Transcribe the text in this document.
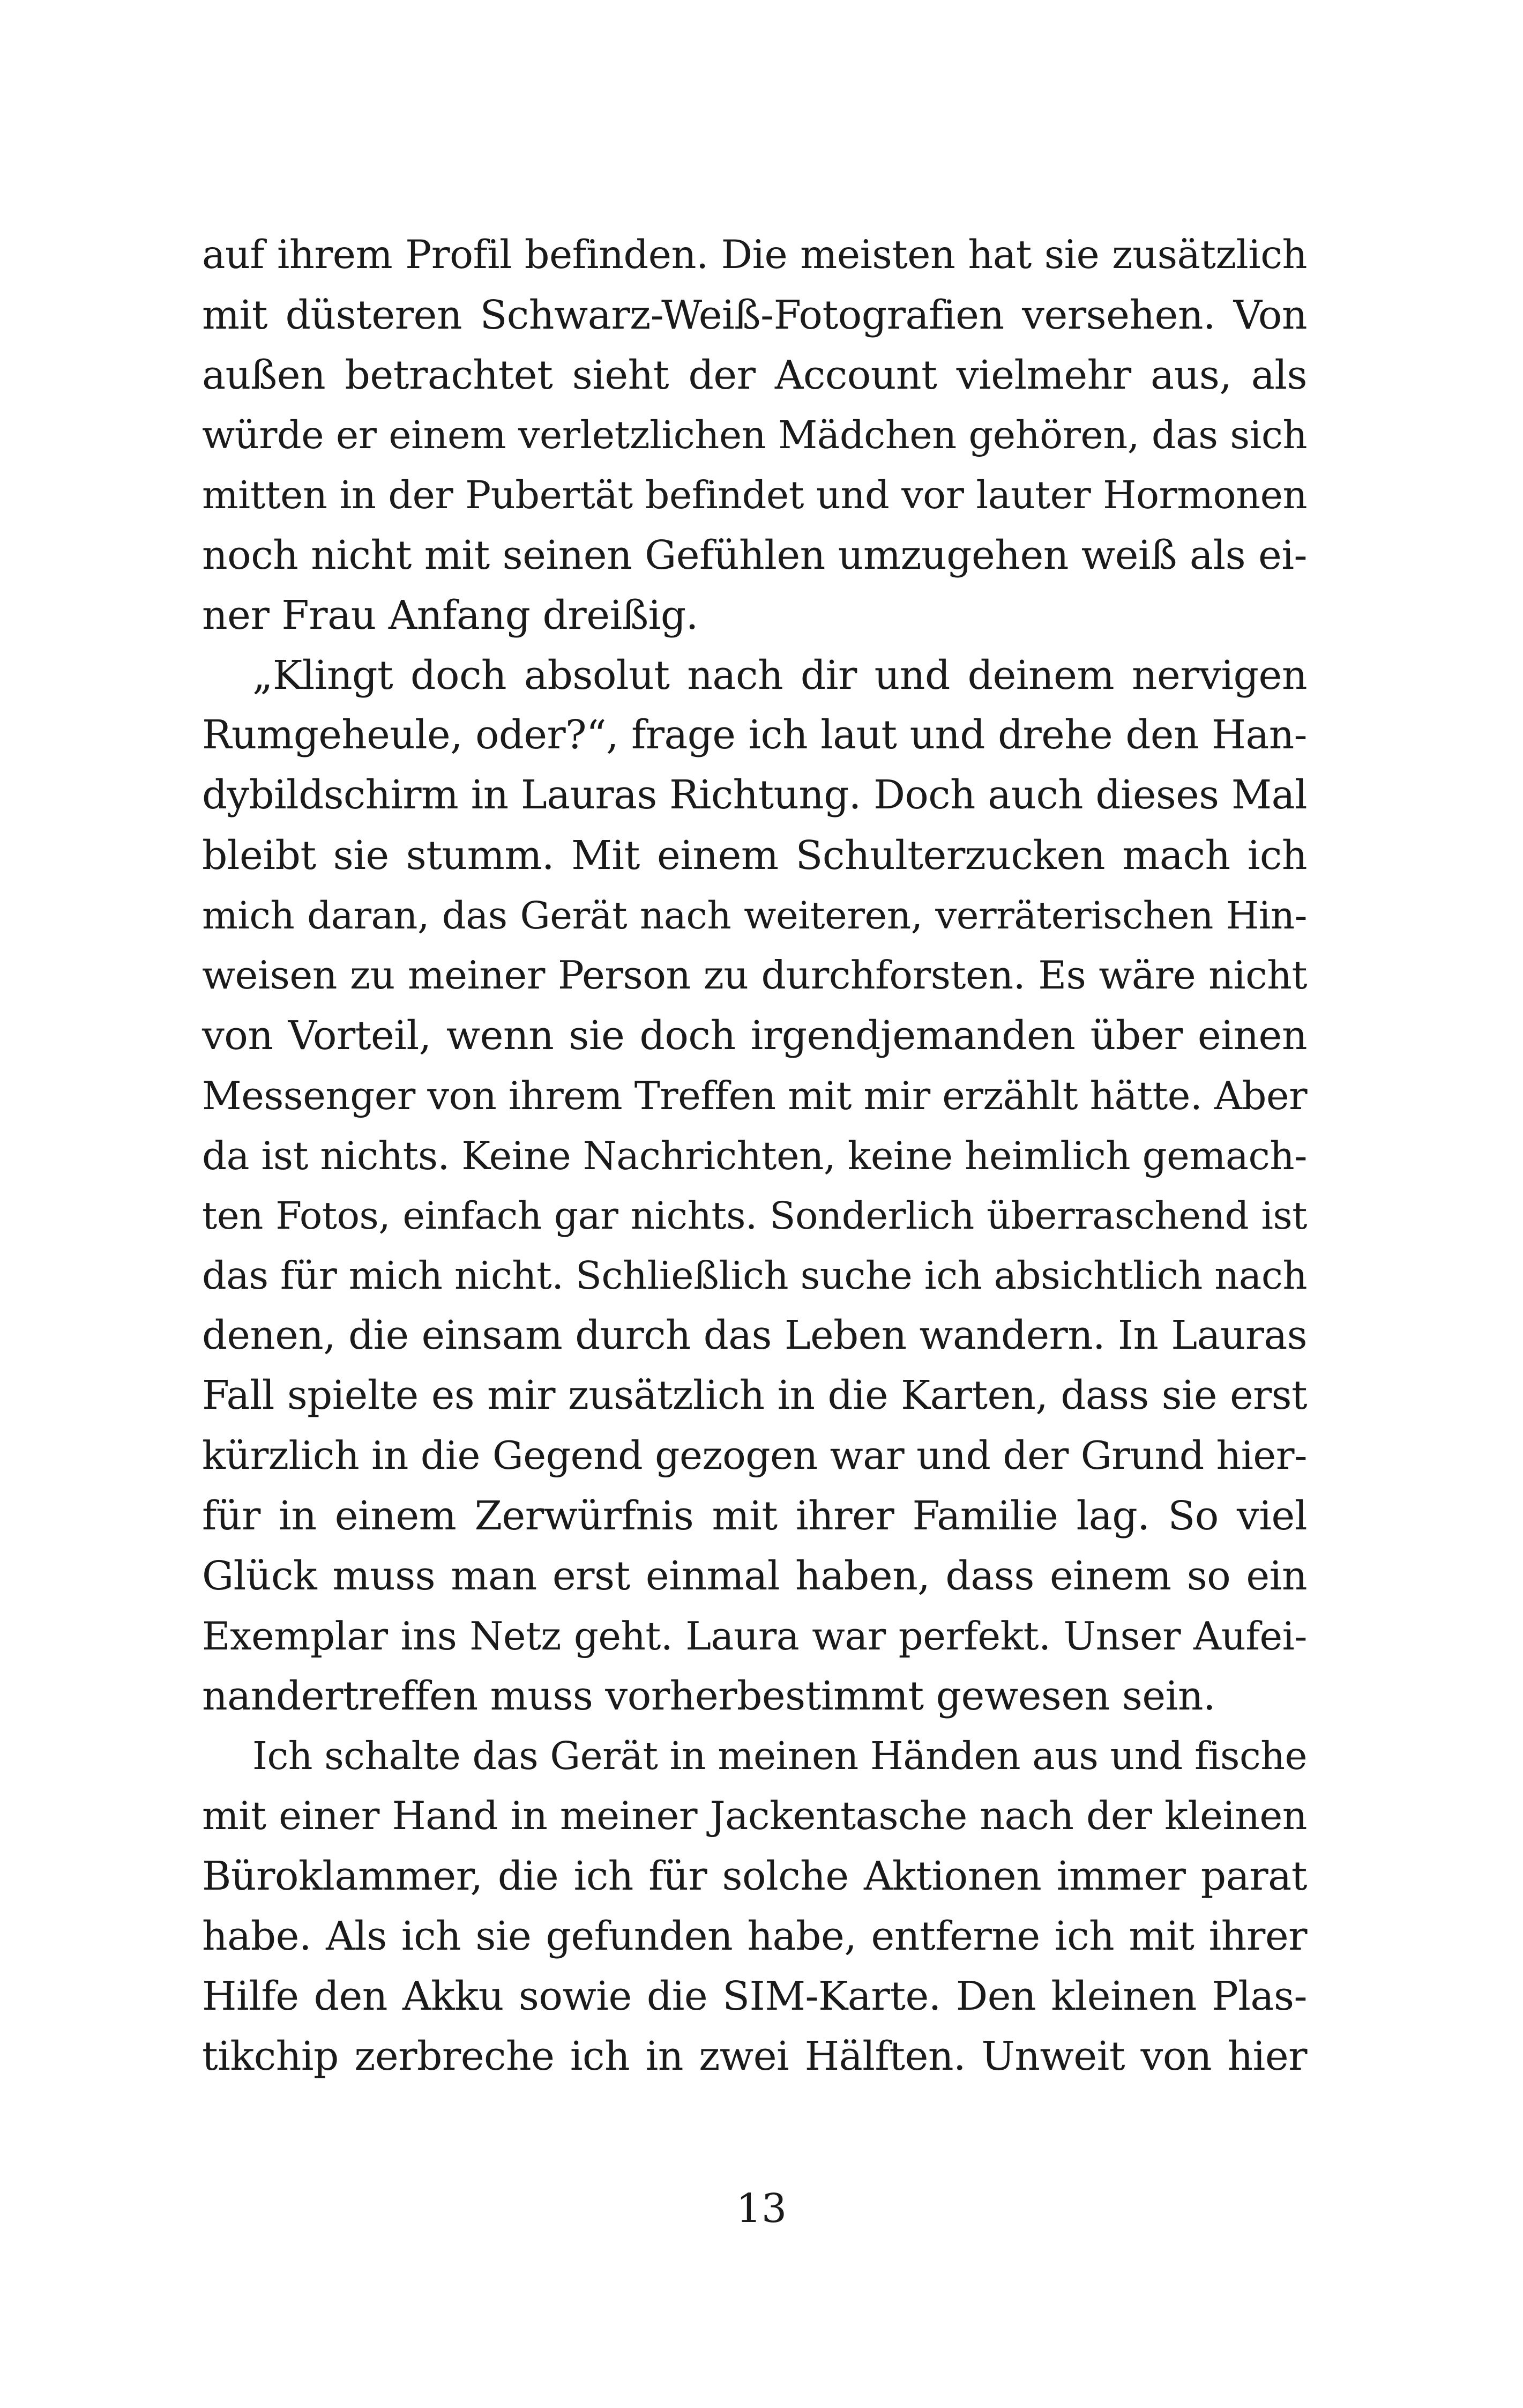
auf ihrem Profil befinden. Die meisten hat sie zusätzlich
mit düsteren Schwarz-Weiß-Fotografien versehen. Von
außen betrachtet sieht der Account vielmehr aus, als
würde er einem verletzlichen Mädchen gehören, das sich
mitten in der Pubertät befindet und vor lauter Hormonen
noch nicht mit seinen Gefühlen umzugehen weiß als ei-
ner Frau Anfang dreißig.
„Klingt doch absolut nach dir und deinem nervigen
Rumgeheule, oder?“, frage ich laut und drehe den Han-
dybildschirm in Lauras Richtung. Doch auch dieses Mal
bleibt sie stumm. Mit einem Schulterzucken mach ich
mich daran, das Gerät nach weiteren, verräterischen Hin-
weisen zu meiner Person zu durchforsten. Es wäre nicht
von Vorteil, wenn sie doch irgendjemanden über einen
Messenger von ihrem Treffen mit mir erzählt hätte. Aber
da ist nichts. Keine Nachrichten, keine heimlich gemach-
ten Fotos, einfach gar nichts. Sonderlich überraschend ist
das für mich nicht. Schließlich suche ich absichtlich nach
denen, die einsam durch das Leben wandern. In Lauras
Fall spielte es mir zusätzlich in die Karten, dass sie erst
kürzlich in die Gegend gezogen war und der Grund hier-
für in einem Zerwürfnis mit ihrer Familie lag. So viel
Glück muss man erst einmal haben, dass einem so ein
Exemplar ins Netz geht. Laura war perfekt. Unser Aufei-
nandertreffen muss vorherbestimmt gewesen sein.
Ich schalte das Gerät in meinen Händen aus und fische
mit einer Hand in meiner Jackentasche nach der kleinen
Büroklammer, die ich für solche Aktionen immer parat
habe. Als ich sie gefunden habe, entferne ich mit ihrer
Hilfe den Akku sowie die SIM-Karte. Den kleinen Plas-
tikchip zerbreche ich in zwei Hälften. Unweit von hier
13
